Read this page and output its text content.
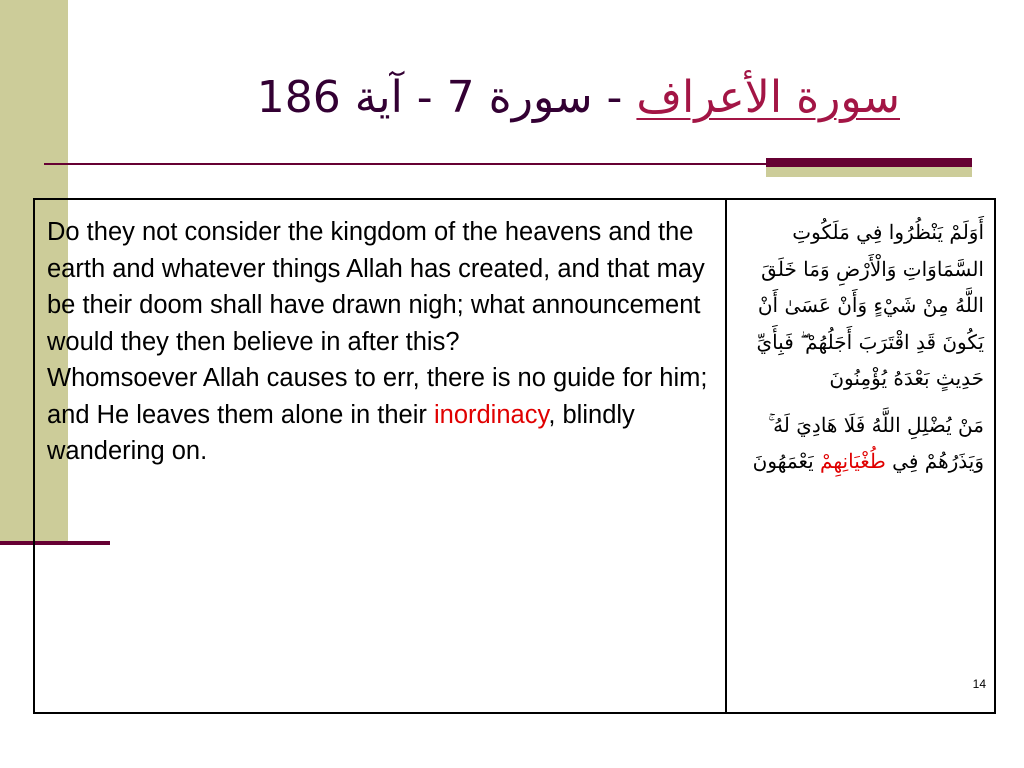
سورة الأعراف - سورة 7 - آية 186

Do they not consider the kingdom of the heavens and the earth and whatever things Allah has created, and that may be their doom shall have drawn nigh; what announcement would they then believe in after this?

Whomsoever Allah causes to err, there is no guide for him; and He leaves them alone in their inordinacy, blindly wandering on.

أَوَلَمْ يَنْظُرُوا فِي مَلَكُوتِ السَّمَاوَاتِ وَالْأَرْضِ وَمَا خَلَقَ اللَّهُ مِنْ شَيْءٍ وَأَنْ عَسَىٰ أَنْ يَكُونَ قَدِ اقْتَرَبَ أَجَلُهُمْ ۖ فَبِأَيِّ حَدِيثٍ بَعْدَهُ يُؤْمِنُونَ

مَنْ يُضْلِلِ اللَّهُ فَلَا هَادِيَ لَهُ ۚ وَيَذَرُهُمْ فِي طُغْيَانِهِمْ يَعْمَهُونَ

14
